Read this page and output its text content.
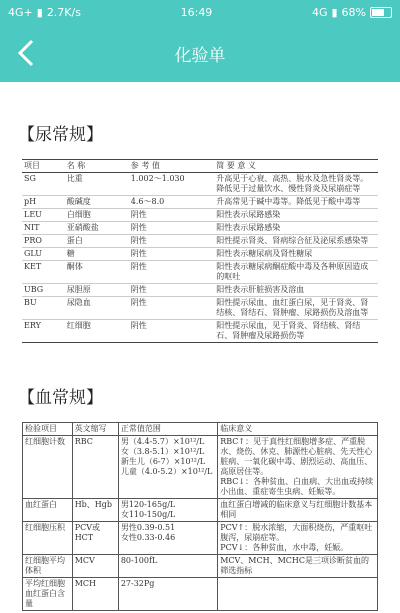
4G+ ▮ 2.7K/s	16:49	4G ▮ 68%
化验单
【尿常规】
项目	名 称	参 考 值	简 要 意 义
SG	比重	1.002～1.030	升高见于心衰、高热、脱水及急性肾炎等。降低见于过量饮水、慢性肾炎及尿崩症等
pH	酸碱度	4.6～8.0	升高常见于碱中毒等。降低见于酸中毒等
LEU	白细胞	阴性	阳性表示尿路感染
NIT	亚硝酸盐	阴性	阳性表示尿路感染
PRO	蛋白	阴性	阳性提示肾炎、肾病综合征及泌尿系感染等
GLU	糖	阴性	阳性表示糖尿病及肾性糖尿
KET	酮体	阴性	阳性表示糖尿病酮症酸中毒及各种原因造成的呕吐
UBG	尿胆原	阴性	阳性表示肝脏损害及溶血
BU	尿隐血	阴性	阳性提示尿血、血红蛋白尿，见于肾炎、肾结核、肾结石、肾肿瘤、尿路损伤及溶血等
ERY	红细胞	阴性	阳性提示尿血，见于肾炎、肾结核、肾结石、肾肿瘤及尿路损伤等
【血常规】
检验项目	英文缩写	正常值范围	临床意义
红细胞计数	RBC	男（4.4-5.7）×10¹²/L
女（3.8-5.1）×10¹²/L
新生儿（6-7）×10¹²/L
儿童（4.0-5.2）×10¹²/L	RBC↑：见于真性红细胞增多症、严重脱水、烧伤、休克、肺源性心脏病、先天性心脏病、一氧化碳中毒、剧烈运动、高血压、高原居住等。
RBC↓：各种贫血、白血病、大出血或持续小出血、重症寄生虫病、妊娠等。
血红蛋白	Hb、Hgb	男120-165g/L
女110-150g/L	血红蛋白增减的临床意义与红细胞计数基本相同
红细胞压积	PCV或HCT	男性0.39-0.51
女性0.33-0.46	PCV↑：脱水浓缩，大面积烧伤，严重呕吐腹泻，尿崩症等。
PCV↓：各种贫血，水中毒，妊娠。
红细胞平均体积	MCV	80-100fL	MCV、MCH、MCHC是三项诊断贫血的筛选指标
平均红细胞血红蛋白含量	MCH	27-32Pg	
